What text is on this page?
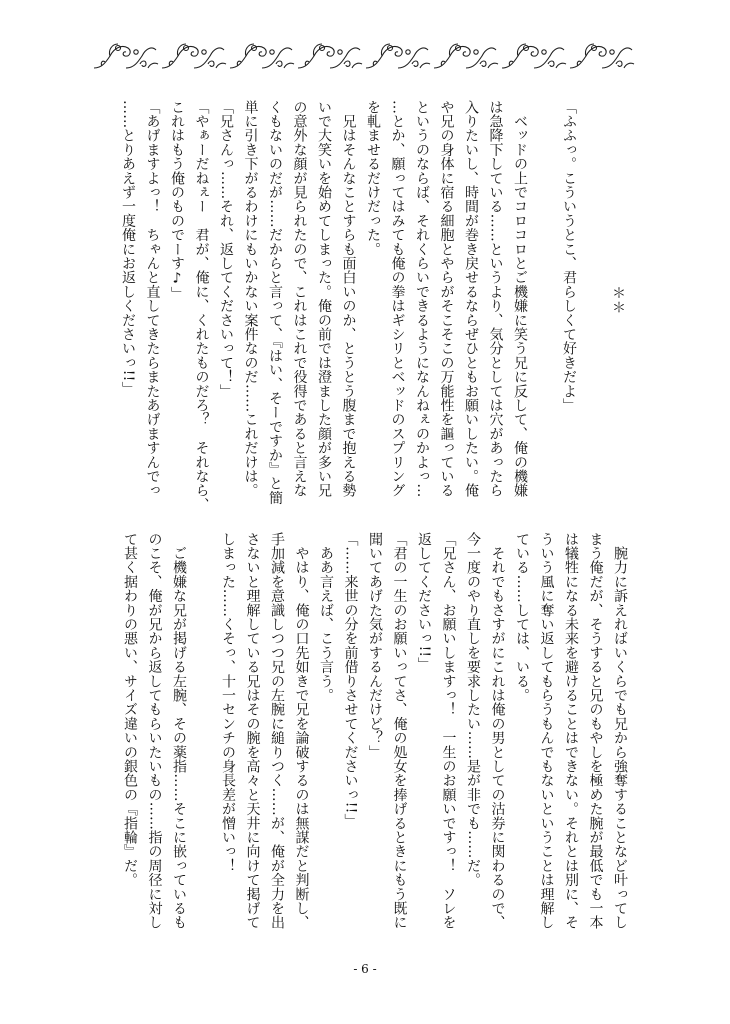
＊＊
「ふふっ。こういうとこ、君らしくて好きだよ」
　ベッドの上でコロコロとご機嫌に笑う兄に反して、俺の機嫌
は急降下している……というより、気分としては穴があったら
入りたいし、時間が巻き戻せるならぜひともお願いしたい。俺
や兄の身体に宿る細胞とやらがそこそこの万能性を謳っている
というのならば、それくらいできるようになんねぇのかよっ…
…とか、願ってはみても俺の拳はギシリとベッドのスプリング
を軋ませるだけだった。
　兄はそんなことすらも面白いのか、とうとう腹まで抱える勢
いで大笑いを始めてしまった。俺の前では澄ました顔が多い兄
の意外な顔が見られたので、これはこれで役得であると言えな
くもないのだが……だからと言って、『はい、そーですか』と簡
単に引き下がるわけにもいかない案件なのだ……これだけは。
「兄さんっ……それ、返してくださいって！」
「やぁーだねぇー　君が、俺に、くれたものだろ？　それなら、
これはもう俺のものでーす♪」
「あげますよっ！　ちゃんと直してきたらまたあげますんでっ
……とりあえず一度俺にお返しくださいっ!!」
　腕力に訴えればいくらでも兄から強奪することなど叶ってし
まう俺だが、そうすると兄のもやしを極めた腕が最低でも一本
は犠牲になる未来を避けることはできない。それとは別に、そ
ういう風に奪い返してもらうもんでもないということは理解し
ている……しては、いる。
　それでもさすがにこれは俺の男としての沽券に関わるので、
今一度のやり直しを要求したい……是が非でも……だ。
「兄さん、お願いしますっ！　一生のお願いですっ！　ソレを
返してくださいっ!!」
「君の一生のお願いってさ、俺の処女を捧げるときにもう既に
聞いてあげた気がするんだけど？」
「……来世の分を前借りさせてくださいっ!!」
　ああ言えば、こう言う。
　やはり、俺の口先如きで兄を論破するのは無謀だと判断し、
手加減を意識しつつ兄の左腕に縋りつく……が、俺が全力を出
さないと理解している兄はその腕を高々と天井に向けて掲げて
しまった……くそっ、十一センチの身長差が憎いっ！
　ご機嫌な兄が掲げる左腕、その薬指……そこに嵌っているも
のこそ、俺が兄から返してもらいたいもの……指の周径に対し
て甚く据わりの悪い、サイズ違いの銀色の『指輪』だ。
- 6 -
